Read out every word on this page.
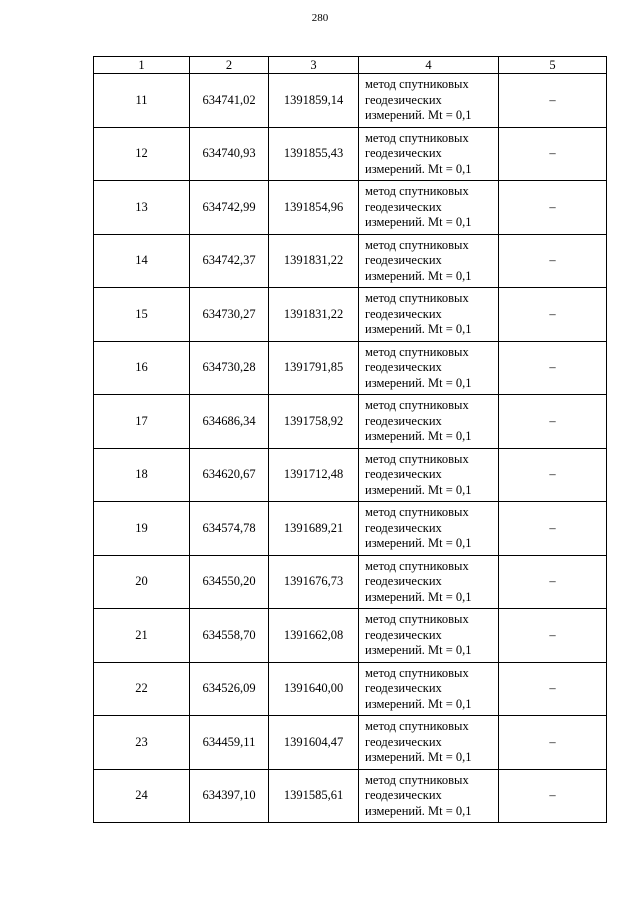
280
1	2	3	4	5
11	634741,02	1391859,14	метод спутниковых
геодезических
измерений. Mt = 0,1	–
12	634740,93	1391855,43	метод спутниковых
геодезических
измерений. Mt = 0,1	–
13	634742,99	1391854,96	метод спутниковых
геодезических
измерений. Mt = 0,1	–
14	634742,37	1391831,22	метод спутниковых
геодезических
измерений. Mt = 0,1	–
15	634730,27	1391831,22	метод спутниковых
геодезических
измерений. Mt = 0,1	–
16	634730,28	1391791,85	метод спутниковых
геодезических
измерений. Mt = 0,1	–
17	634686,34	1391758,92	метод спутниковых
геодезических
измерений. Mt = 0,1	–
18	634620,67	1391712,48	метод спутниковых
геодезических
измерений. Mt = 0,1	–
19	634574,78	1391689,21	метод спутниковых
геодезических
измерений. Mt = 0,1	–
20	634550,20	1391676,73	метод спутниковых
геодезических
измерений. Mt = 0,1	–
21	634558,70	1391662,08	метод спутниковых
геодезических
измерений. Mt = 0,1	–
22	634526,09	1391640,00	метод спутниковых
геодезических
измерений. Mt = 0,1	–
23	634459,11	1391604,47	метод спутниковых
геодезических
измерений. Mt = 0,1	–
24	634397,10	1391585,61	метод спутниковых
геодезических
измерений. Mt = 0,1	–
